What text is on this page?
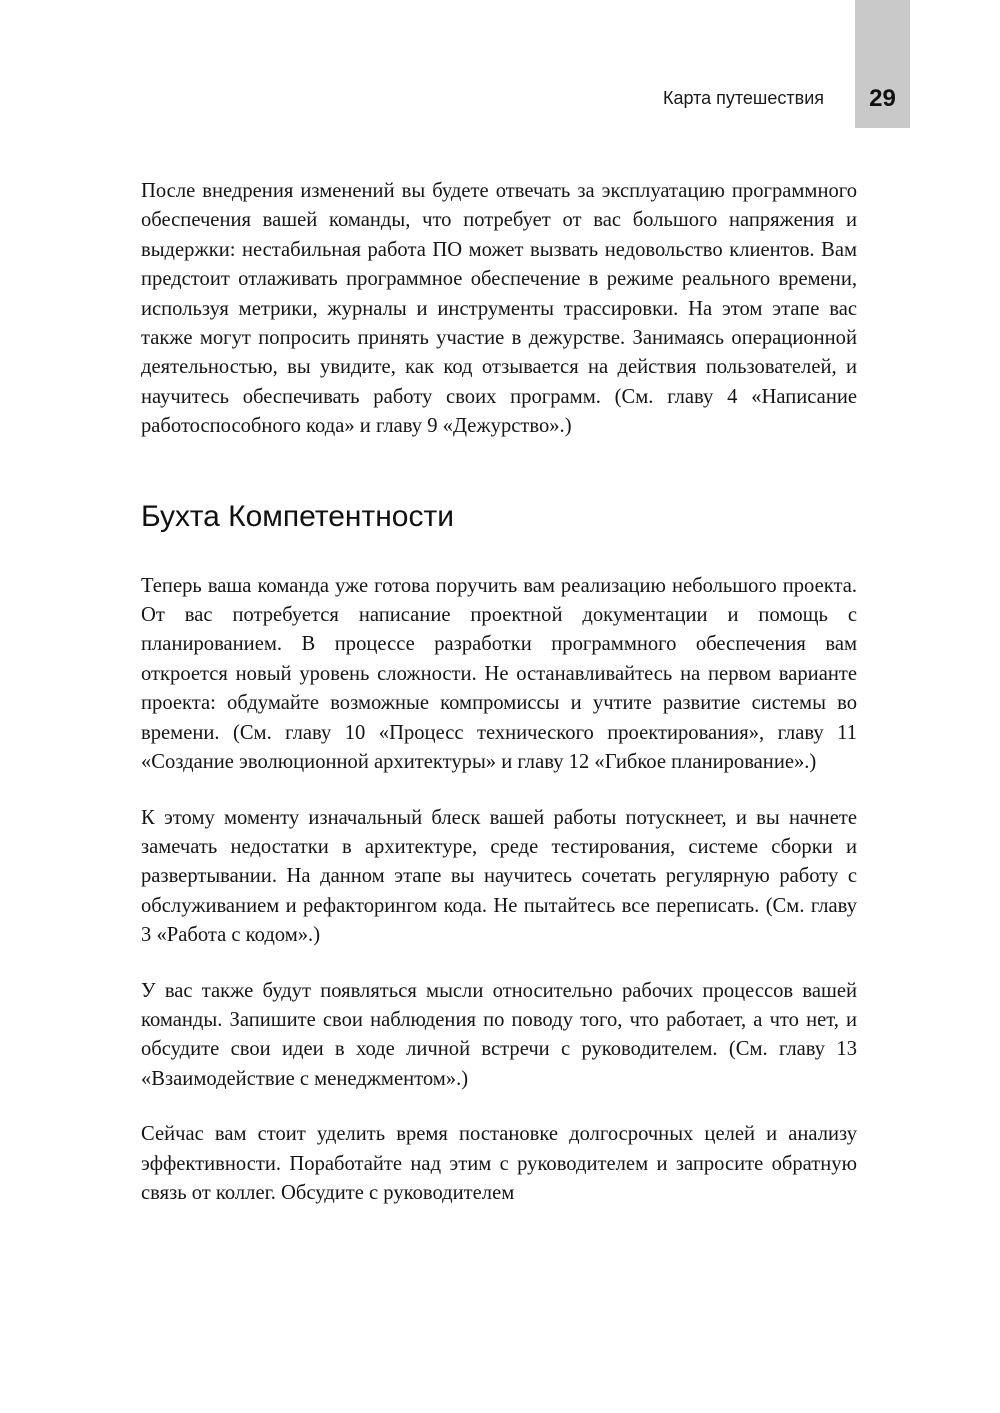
Карта путешествия	29

После внедрения изменений вы будете отвечать за эксплуатацию программного обеспечения вашей команды, что потребует от вас большого напряжения и выдержки: нестабильная работа ПО может вызвать недовольство клиентов. Вам предстоит отлаживать программное обеспечение в режиме реального времени, используя метрики, журналы и инструменты трассировки. На этом этапе вас также могут попросить принять участие в дежурстве. Занимаясь операционной деятельностью, вы увидите, как код отзывается на действия пользователей, и научитесь обеспечивать работу своих программ. (См. главу 4 «Написание работоспособного кода» и главу 9 «Дежурство».)

Бухта Компетентности

Теперь ваша команда уже готова поручить вам реализацию небольшого проекта. От вас потребуется написание проектной документации и помощь с планированием. В процессе разработки программного обеспечения вам откроется новый уровень сложности. Не останавливайтесь на первом варианте проекта: обдумайте возможные компромиссы и учтите развитие системы во времени. (См. главу 10 «Процесс технического проектирования», главу 11 «Создание эволюционной архитектуры» и главу 12 «Гибкое планирование».)

К этому моменту изначальный блеск вашей работы потускнеет, и вы начнете замечать недостатки в архитектуре, среде тестирования, системе сборки и развертывании. На данном этапе вы научитесь сочетать регулярную работу с обслуживанием и рефакторингом кода. Не пытайтесь все переписать. (См. главу 3 «Работа с кодом».)

У вас также будут появляться мысли относительно рабочих процессов вашей команды. Запишите свои наблюдения по поводу того, что работает, а что нет, и обсудите свои идеи в ходе личной встречи с руководителем. (См. главу 13 «Взаимодействие с менеджментом».)

Сейчас вам стоит уделить время постановке долгосрочных целей и анализу эффективности. Поработайте над этим с руководителем и запросите обратную связь от коллег. Обсудите с руководителем
